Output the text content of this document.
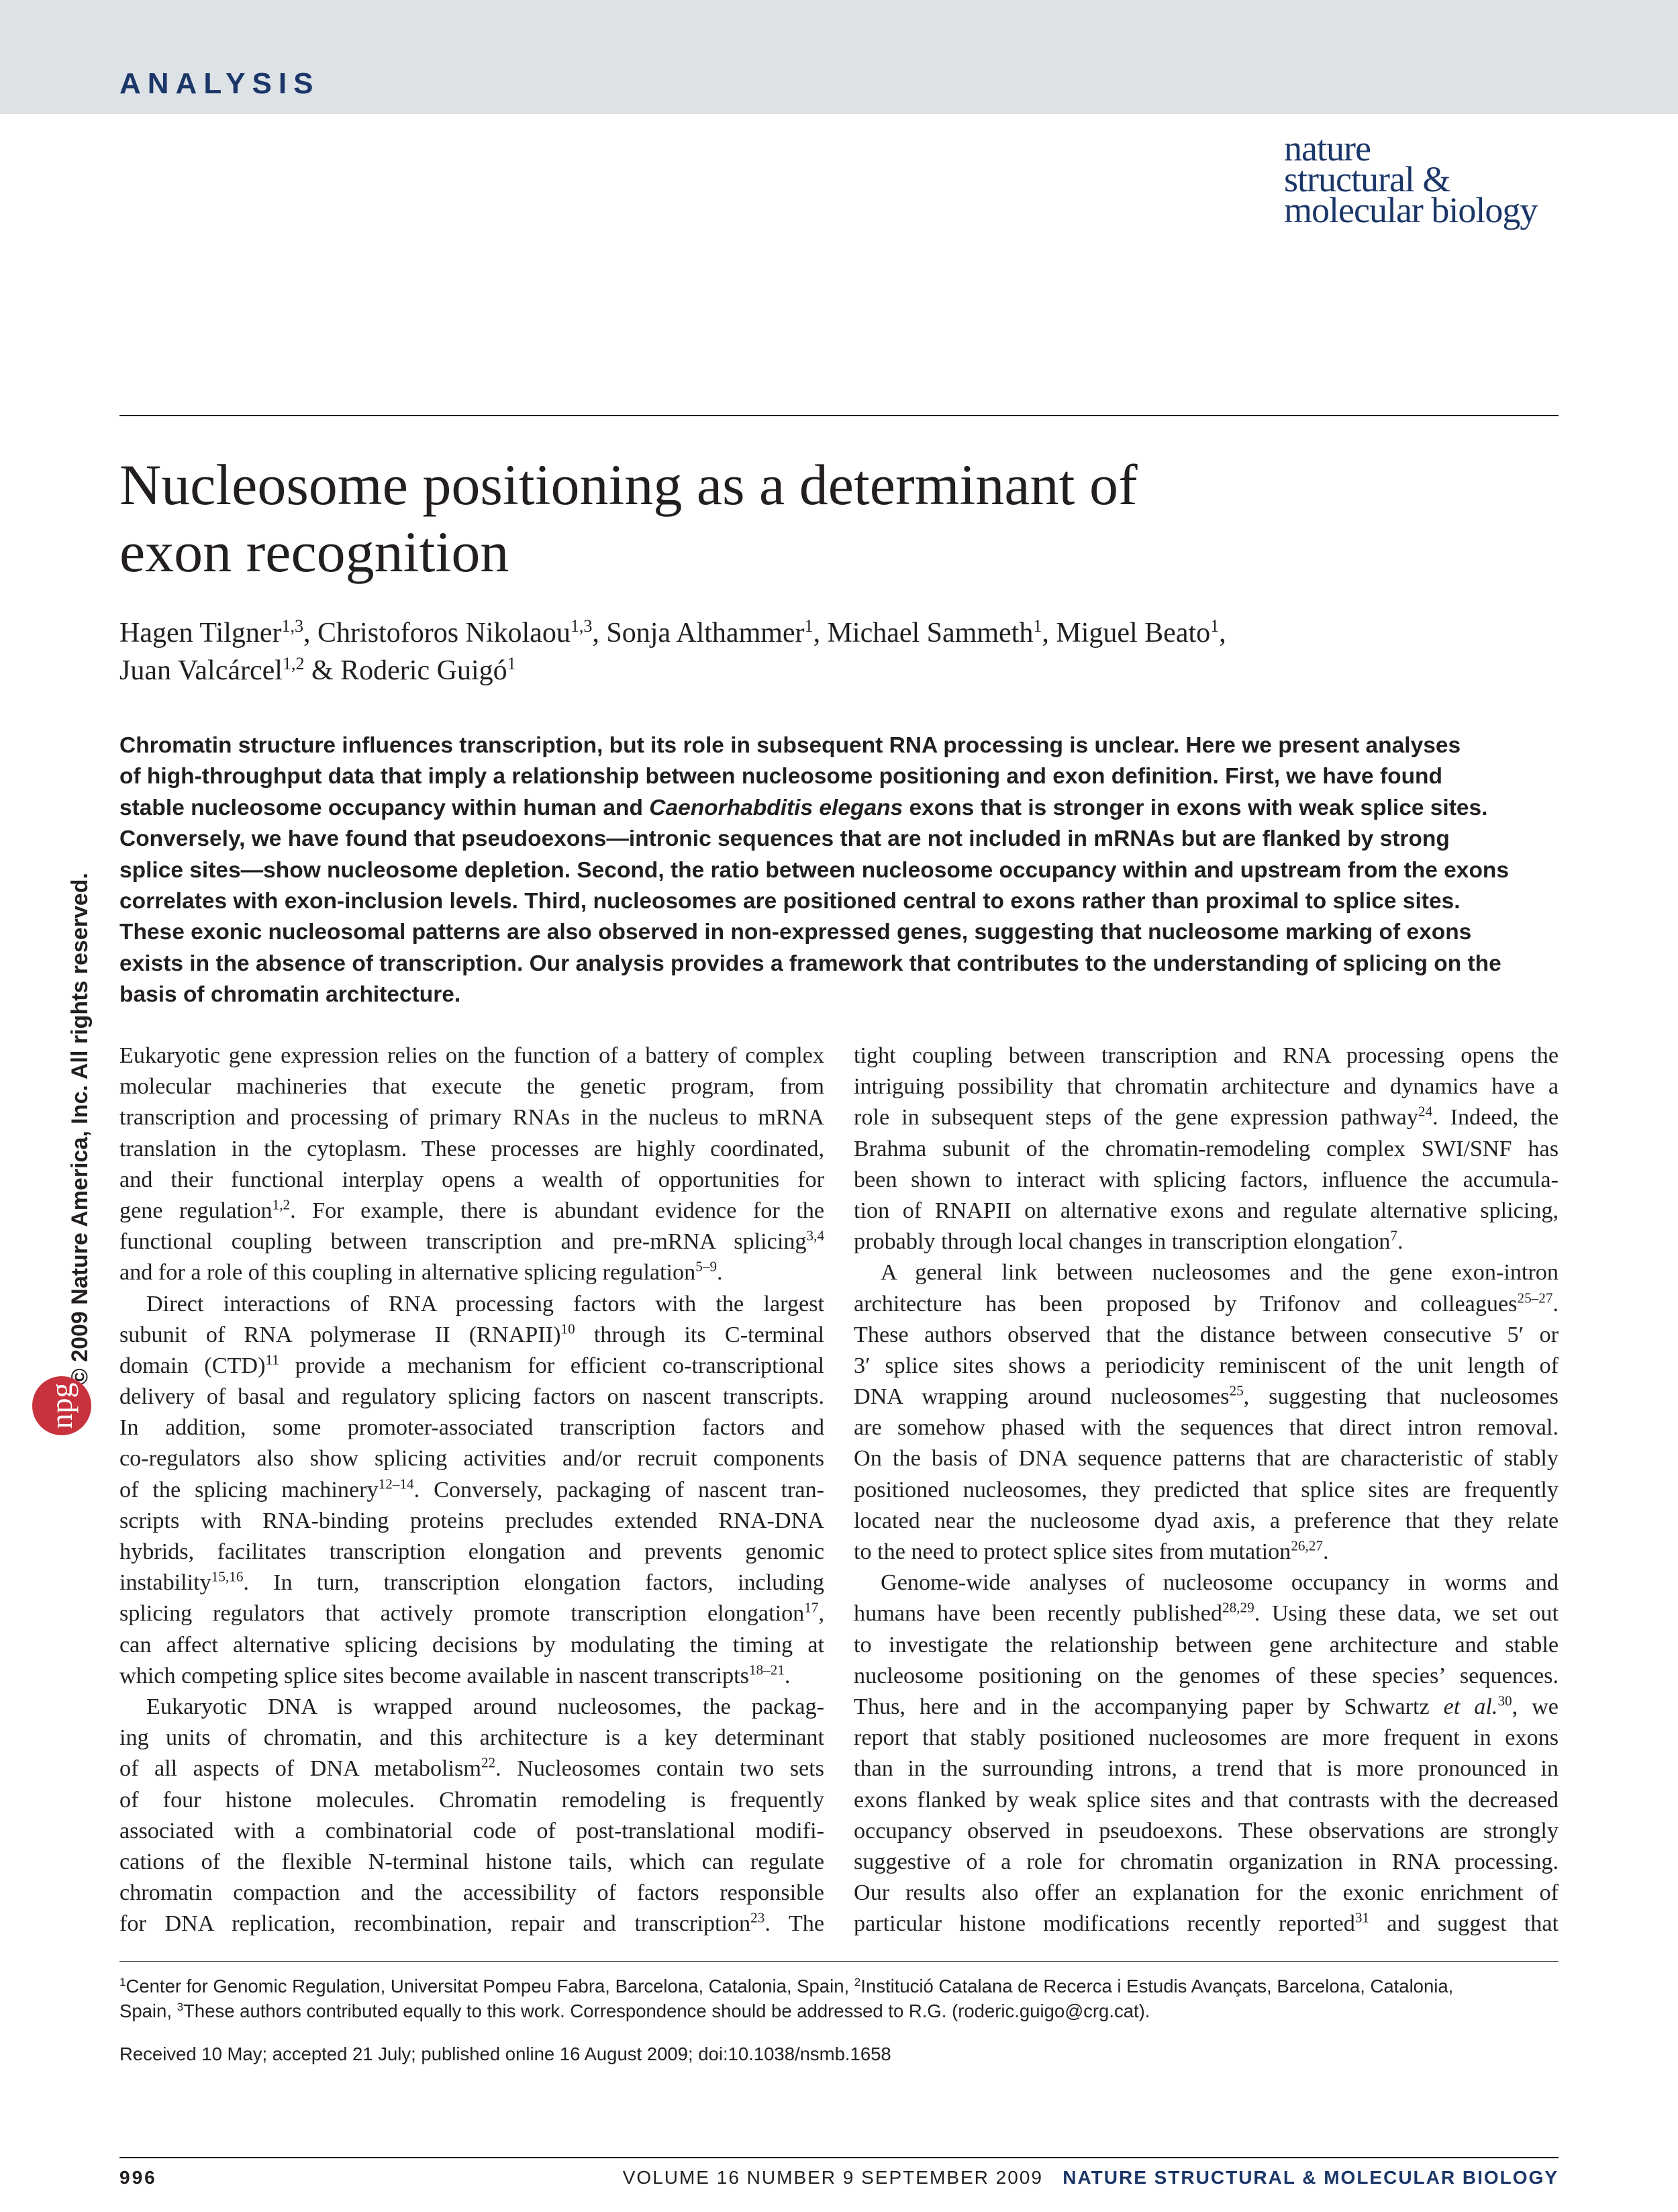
ANALYSIS
nature
structural &
molecular biology
Nucleosome positioning as a determinant of
exon recognition
Hagen Tilgner$^{1,3}$, Christoforos Nikolaou$^{1,3}$, Sonja Althammer$^1$, Michael Sammeth$^1$, Miguel Beato$^1$,
Juan Valcárcel$^{1,2}$ & Roderic Guigó$^1$
Chromatin structure influences transcription, but its role in subsequent RNA processing is unclear. Here we present analyses
of high-throughput data that imply a relationship between nucleosome positioning and exon definition. First, we have found
stable nucleosome occupancy within human and Caenorhabditis elegans exons that is stronger in exons with weak splice sites.
Conversely, we have found that pseudoexons—intronic sequences that are not included in mRNAs but are flanked by strong
splice sites—show nucleosome depletion. Second, the ratio between nucleosome occupancy within and upstream from the exons
correlates with exon-inclusion levels. Third, nucleosomes are positioned central to exons rather than proximal to splice sites.
These exonic nucleosomal patterns are also observed in non-expressed genes, suggesting that nucleosome marking of exons
exists in the absence of transcription. Our analysis provides a framework that contributes to the understanding of splicing on the
basis of chromatin architecture.
© 2009 Nature America, Inc. All rights reserved.
npg
Eukaryotic gene expression relies on the function of a battery of complex
molecular machineries that execute the genetic program, from
transcription and processing of primary RNAs in the nucleus to mRNA
translation in the cytoplasm. These processes are highly coordinated,
and their functional interplay opens a wealth of opportunities for
gene regulation$^{1,2}$. For example, there is abundant evidence for the
functional coupling between transcription and pre-mRNA splicing$^{3,4}$
and for a role of this coupling in alternative splicing regulation$^{5-9}$.
Direct interactions of RNA processing factors with the largest
subunit of RNA polymerase II (RNAPII)$^{10}$ through its C-terminal
domain (CTD)$^{11}$ provide a mechanism for efficient co-transcriptional
delivery of basal and regulatory splicing factors on nascent transcripts.
In addition, some promoter-associated transcription factors and
co-regulators also show splicing activities and/or recruit components
of the splicing machinery$^{12-14}$. Conversely, packaging of nascent tran-
scripts with RNA-binding proteins precludes extended RNA-DNA
hybrids, facilitates transcription elongation and prevents genomic
instability$^{15,16}$. In turn, transcription elongation factors, including
splicing regulators that actively promote transcription elongation$^{17}$,
can affect alternative splicing decisions by modulating the timing at
which competing splice sites become available in nascent transcripts$^{18-21}$.
Eukaryotic DNA is wrapped around nucleosomes, the packag-
ing units of chromatin, and this architecture is a key determinant
of all aspects of DNA metabolism$^{22}$. Nucleosomes contain two sets
of four histone molecules. Chromatin remodeling is frequently
associated with a combinatorial code of post-translational modifi-
cations of the flexible N-terminal histone tails, which can regulate
chromatin compaction and the accessibility of factors responsible
for DNA replication, recombination, repair and transcription$^{23}$. The
tight coupling between transcription and RNA processing opens the
intriguing possibility that chromatin architecture and dynamics have a
role in subsequent steps of the gene expression pathway$^{24}$. Indeed, the
Brahma subunit of the chromatin-remodeling complex SWI/SNF has
been shown to interact with splicing factors, influence the accumula-
tion of RNAPII on alternative exons and regulate alternative splicing,
probably through local changes in transcription elongation$^7$.
A general link between nucleosomes and the gene exon-intron
architecture has been proposed by Trifonov and colleagues$^{25-27}$.
These authors observed that the distance between consecutive 5′ or
3′ splice sites shows a periodicity reminiscent of the unit length of
DNA wrapping around nucleosomes$^{25}$, suggesting that nucleosomes
are somehow phased with the sequences that direct intron removal.
On the basis of DNA sequence patterns that are characteristic of stably
positioned nucleosomes, they predicted that splice sites are frequently
located near the nucleosome dyad axis, a preference that they relate
to the need to protect splice sites from mutation$^{26,27}$.
Genome-wide analyses of nucleosome occupancy in worms and
humans have been recently published$^{28,29}$. Using these data, we set out
to investigate the relationship between gene architecture and stable
nucleosome positioning on the genomes of these species’ sequences.
Thus, here and in the accompanying paper by Schwartz et al.$^{30}$, we
report that stably positioned nucleosomes are more frequent in exons
than in the surrounding introns, a trend that is more pronounced in
exons flanked by weak splice sites and that contrasts with the decreased
occupancy observed in pseudoexons. These observations are strongly
suggestive of a role for chromatin organization in RNA processing.
Our results also offer an explanation for the exonic enrichment of
particular histone modifications recently reported$^{31}$ and suggest that
$^1$Center for Genomic Regulation, Universitat Pompeu Fabra, Barcelona, Catalonia, Spain, $^2$Institució Catalana de Recerca i Estudis Avançats, Barcelona, Catalonia,
Spain, $^3$These authors contributed equally to this work. Correspondence should be addressed to R.G. (roderic.guigo@crg.cat).
Received 10 May; accepted 21 July; published online 16 August 2009; doi:10.1038/nsmb.1658
996	VOLUME 16 NUMBER 9 SEPTEMBER 2009 NATURE STRUCTURAL & MOLECULAR BIOLOGY
